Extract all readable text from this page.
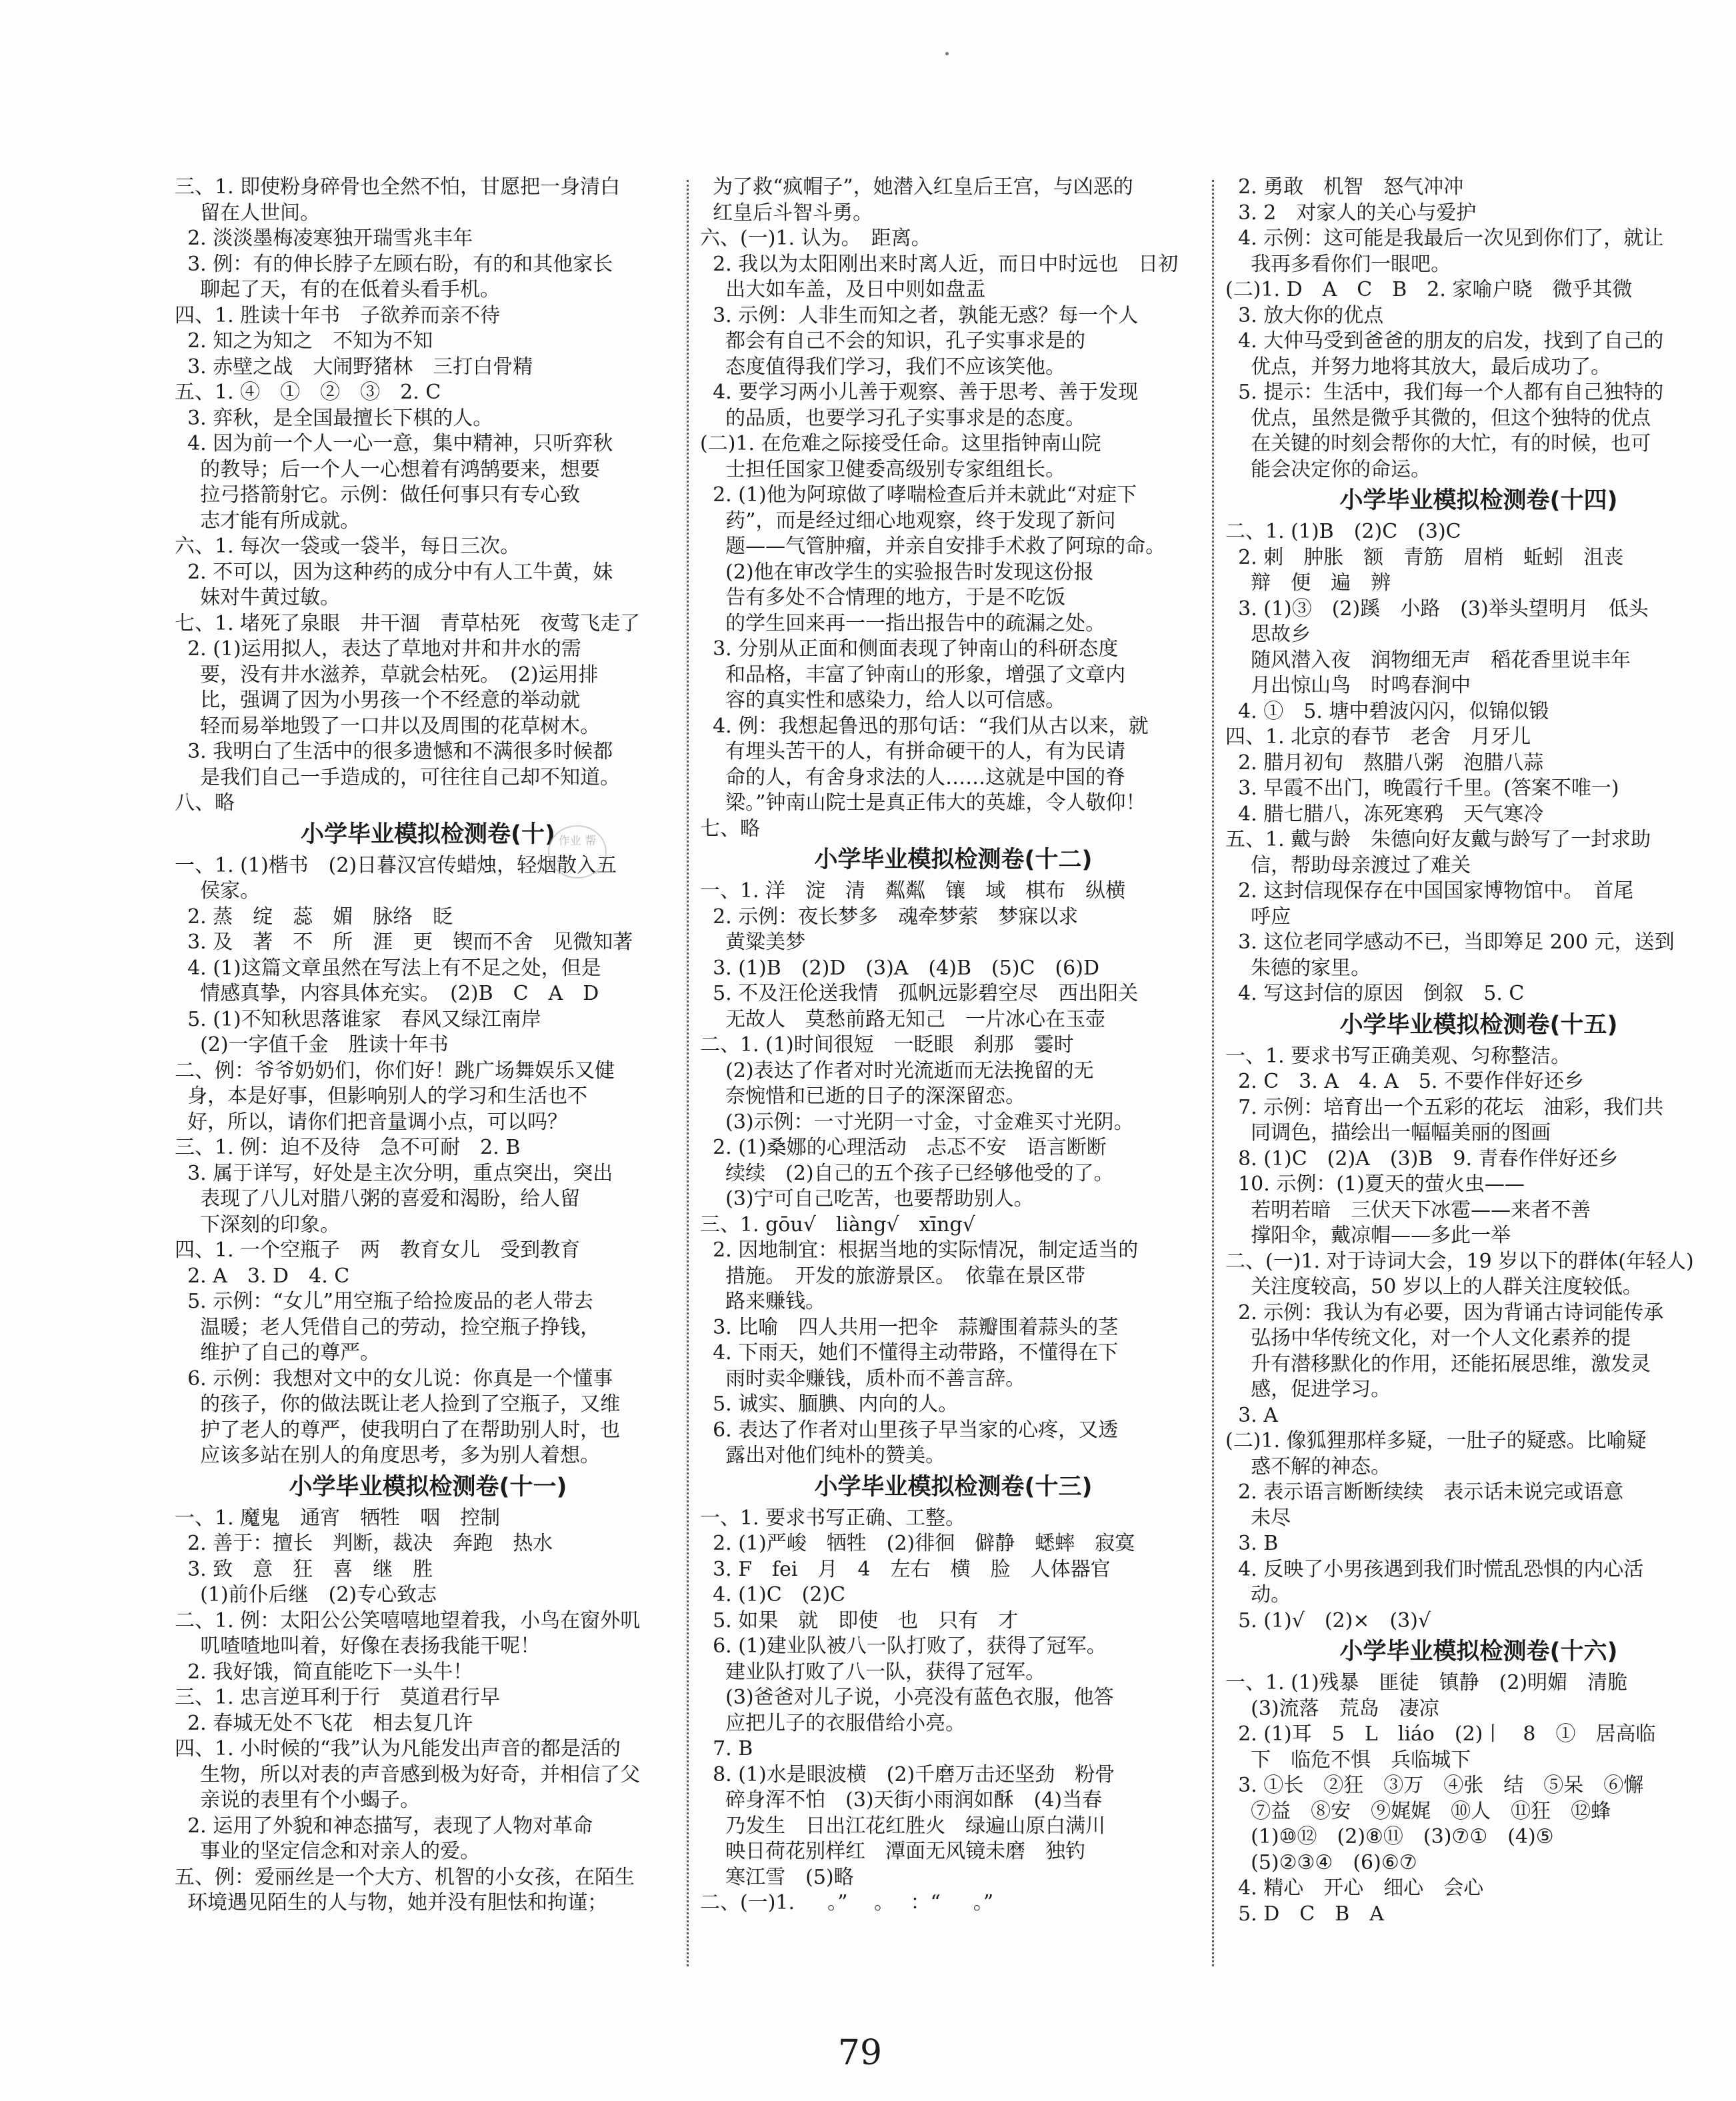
三、1. 即使粉身碎骨也全然不怕，甘愿把一身清白
留在人世间。
2. 淡淡墨梅凌寒独开瑞雪兆丰年
3. 例：有的伸长脖子左顾右盼，有的和其他家长
聊起了天，有的在低着头看手机。
四、1. 胜读十年书　子欲养而亲不待
2. 知之为知之　不知为不知
3. 赤壁之战　大闹野猪林　三打白骨精
五、1. ④　①　②　③　2. C
3. 弈秋，是全国最擅长下棋的人。
4. 因为前一个人一心一意，集中精神，只听弈秋
的教导；后一个人一心想着有鸿鹄要来，想要
拉弓搭箭射它。示例：做任何事只有专心致
志才能有所成就。
六、1. 每次一袋或一袋半，每日三次。
2. 不可以，因为这种药的成分中有人工牛黄，妹
妹对牛黄过敏。
七、1. 堵死了泉眼　井干涸　青草枯死　夜莺飞走了
2. (1)运用拟人，表达了草地对井和井水的需
要，没有井水滋养，草就会枯死。　(2)运用排
比，强调了因为小男孩一个不经意的举动就
轻而易举地毁了一口井以及周围的花草树木。
3. 我明白了生活中的很多遗憾和不满很多时候都
是我们自己一手造成的，可往往自己却不知道。
八、略
小学毕业模拟检测卷(十)
一、1. (1)楷书　(2)日暮汉宫传蜡烛，轻烟散入五
侯家。
2. 蒸　绽　蕊　媚　脉络　眨
3. 及　著　不　所　涯　更　锲而不舍　见微知著
4. (1)这篇文章虽然在写法上有不足之处，但是
情感真挚，内容具体充实。　(2)B　C　A　D
5. (1)不知秋思落谁家　春风又绿江南岸
(2)一字值千金　胜读十年书
二、例：爷爷奶奶们，你们好！跳广场舞娱乐又健
身，本是好事，但影响别人的学习和生活也不
好，所以，请你们把音量调小点，可以吗？
三、1. 例：迫不及待　急不可耐　2. B
3. 属于详写，好处是主次分明，重点突出，突出
表现了八儿对腊八粥的喜爱和渴盼，给人留
下深刻的印象。
四、1. 一个空瓶子　两　教育女儿　受到教育
2. A　3. D　4. C
5. 示例：“女儿”用空瓶子给捡废品的老人带去
温暖；老人凭借自己的劳动，捡空瓶子挣钱，
维护了自己的尊严。
6. 示例：我想对文中的女儿说：你真是一个懂事
的孩子，你的做法既让老人捡到了空瓶子，又维
护了老人的尊严，使我明白了在帮助别人时，也
应该多站在别人的角度思考，多为别人着想。
小学毕业模拟检测卷(十一)
一、1. 魔鬼　通宵　牺牲　咽　控制
2. 善于：擅长　判断，裁决　奔跑　热水
3. 致　意　狂　喜　继　胜
(1)前仆后继　(2)专心致志
二、1. 例：太阳公公笑嘻嘻地望着我，小鸟在窗外叽
叽喳喳地叫着，好像在表扬我能干呢！
2. 我好饿，简直能吃下一头牛！
三、1. 忠言逆耳利于行　莫道君行早
2. 春城无处不飞花　相去复几许
四、1. 小时候的“我”认为凡能发出声音的都是活的
生物，所以对表的声音感到极为好奇，并相信了父
亲说的表里有个小蝎子。
2. 运用了外貌和神态描写，表现了人物对革命
事业的坚定信念和对亲人的爱。
五、例：爱丽丝是一个大方、机智的小女孩，在陌生
环境遇见陌生的人与物，她并没有胆怯和拘谨；
为了救“疯帽子”，她潜入红皇后王宫，与凶恶的
红皇后斗智斗勇。
六、(一)1. 认为。　距离。
2. 我以为太阳刚出来时离人近，而日中时远也　日初
出大如车盖，及日中则如盘盂
3. 示例：人非生而知之者，孰能无惑？每一个人
都会有自己不会的知识，孔子实事求是的
态度值得我们学习，我们不应该笑他。
4. 要学习两小儿善于观察、善于思考、善于发现
的品质，也要学习孔子实事求是的态度。
(二)1. 在危难之际接受任命。这里指钟南山院
士担任国家卫健委高级别专家组组长。
2. (1)他为阿琼做了哮喘检查后并未就此“对症下
药”，而是经过细心地观察，终于发现了新问
题——气管肿瘤，并亲自安排手术救了阿琼的命。
(2)他在审改学生的实验报告时发现这份报
告有多处不合情理的地方，于是不吃饭
的学生回来再一一指出报告中的疏漏之处。
3. 分别从正面和侧面表现了钟南山的科研态度
和品格，丰富了钟南山的形象，增强了文章内
容的真实性和感染力，给人以可信感。
4. 例：我想起鲁迅的那句话：“我们从古以来，就
有埋头苦干的人，有拼命硬干的人，有为民请
命的人，有舍身求法的人……这就是中国的脊
梁。”钟南山院士是真正伟大的英雄，令人敬仰！
七、略
小学毕业模拟检测卷(十二)
一、1. 洋　淀　清　粼粼　镶　域　棋布　纵横
2. 示例：夜长梦多　魂牵梦萦　梦寐以求
黄粱美梦
3. (1)B　(2)D　(3)A　(4)B　(5)C　(6)D
5. 不及汪伦送我情　孤帆远影碧空尽　西出阳关
无故人　莫愁前路无知己　一片冰心在玉壶
二、1. (1)时间很短　一眨眼　刹那　霎时
(2)表达了作者对时光流逝而无法挽留的无
奈惋惜和已逝的日子的深深留恋。
(3)示例：一寸光阴一寸金，寸金难买寸光阴。
2. (1)桑娜的心理活动　忐忑不安　语言断断
续续　(2)自己的五个孩子已经够他受的了。
(3)宁可自己吃苦，也要帮助别人。
三、1. gōu√　liàng√　xīng√
2. 因地制宜：根据当地的实际情况，制定适当的
措施。　开发的旅游景区。　依靠在景区带
路来赚钱。
3. 比喻　四人共用一把伞　蒜瓣围着蒜头的茎
4. 下雨天，她们不懂得主动带路，不懂得在下
雨时卖伞赚钱，质朴而不善言辞。
5. 诚实、腼腆、内向的人。
6. 表达了作者对山里孩子早当家的心疼，又透
露出对他们纯朴的赞美。
小学毕业模拟检测卷(十三)
一、1. 要求书写正确、工整。
2. (1)严峻　牺牲　(2)徘徊　僻静　蟋蟀　寂寞
3. F　fei　月　4　左右　横　脸　人体器官
4. (1)C　(2)C
5. 如果　就　即使　也　只有　才
6. (1)建业队被八一队打败了，获得了冠军。
建业队打败了八一队，获得了冠军。
(3)爸爸对儿子说，小亮没有蓝色衣服，他答
应把儿子的衣服借给小亮。
7. B
8. (1)水是眼波横　(2)千磨万击还坚劲　粉骨
碎身浑不怕　(3)天街小雨润如酥　(4)当春
乃发生　日出江花红胜火　绿遍山原白满川
映日荷花别样红　潭面无风镜未磨　独钓
寒江雪　(5)略
二、(一)1. 　 。”　 。　 ：“ 　 。”
2. 勇敢　机智　怒气冲冲
3. 2　对家人的关心与爱护
4. 示例：这可能是我最后一次见到你们了，就让
我再多看你们一眼吧。
(二)1. D　A　C　B　2. 家喻户晓　微乎其微
3. 放大你的优点
4. 大仲马受到爸爸的朋友的启发，找到了自己的
优点，并努力地将其放大，最后成功了。
5. 提示：生活中，我们每一个人都有自己独特的
优点，虽然是微乎其微的，但这个独特的优点
在关键的时刻会帮你的大忙，有的时候，也可
能会决定你的命运。
小学毕业模拟检测卷(十四)
二、1. (1)B　(2)C　(3)C
2. 刺　肿胀　额　青筋　眉梢　蚯蚓　沮丧
辩　便　遍　辨
3. (1)③　(2)蹊　小路　(3)举头望明月　低头
思故乡
随风潜入夜　润物细无声　稻花香里说丰年
月出惊山鸟　时鸣春涧中
4. ①　5. 塘中碧波闪闪，似锦似锻
四、1. 北京的春节　老舍　月牙儿
2. 腊月初旬　熬腊八粥　泡腊八蒜
3. 早霞不出门，晚霞行千里。(答案不唯一)
4. 腊七腊八，冻死寒鸦　天气寒冷
五、1. 戴与龄　朱德向好友戴与龄写了一封求助
信，帮助母亲渡过了难关
2. 这封信现保存在中国国家博物馆中。　首尾
呼应
3. 这位老同学感动不已，当即筹足 200 元，送到
朱德的家里。
4. 写这封信的原因　倒叙　5. C
小学毕业模拟检测卷(十五)
一、1. 要求书写正确美观、匀称整洁。
2. C　3. A　4. A　5. 不要作伴好还乡
7. 示例：培育出一个五彩的花坛　油彩，我们共
同调色，描绘出一幅幅美丽的图画
8. (1)C　(2)A　(3)B　9. 青春作伴好还乡
10. 示例：(1)夏天的萤火虫——
若明若暗　三伏天下冰雹——来者不善
撑阳伞，戴凉帽——多此一举
二、(一)1. 对于诗词大会，19 岁以下的群体(年轻人)
关注度较高，50 岁以上的人群关注度较低。
2. 示例：我认为有必要，因为背诵古诗词能传承
弘扬中华传统文化，对一个人文化素养的提
升有潜移默化的作用，还能拓展思维，激发灵
感，促进学习。
3. A
(二)1. 像狐狸那样多疑，一肚子的疑惑。比喻疑
惑不解的神态。
2. 表示语言断断续续　表示话未说完或语意
未尽
3. B
4. 反映了小男孩遇到我们时慌乱恐惧的内心活
动。
5. (1)√　(2)×　(3)√
小学毕业模拟检测卷(十六)
一、1. (1)残暴　匪徒　镇静　(2)明媚　清脆
(3)流落　荒岛　凄凉
2. (1)耳　5　L　liáo　(2)丨　8　①　居高临
下　临危不惧　兵临城下
3. ①长　②狂　③万　④张　结　⑤呆　⑥懈
⑦益　⑧安　⑨娓娓　⑩人　⑪狂　⑫蜂
(1)⑩⑫　(2)⑧⑪　(3)⑦①　(4)⑤
(5)②③④　(6)⑥⑦
4. 精心　开心　细心　会心
5. D　C　B　A
作业 帮
79
